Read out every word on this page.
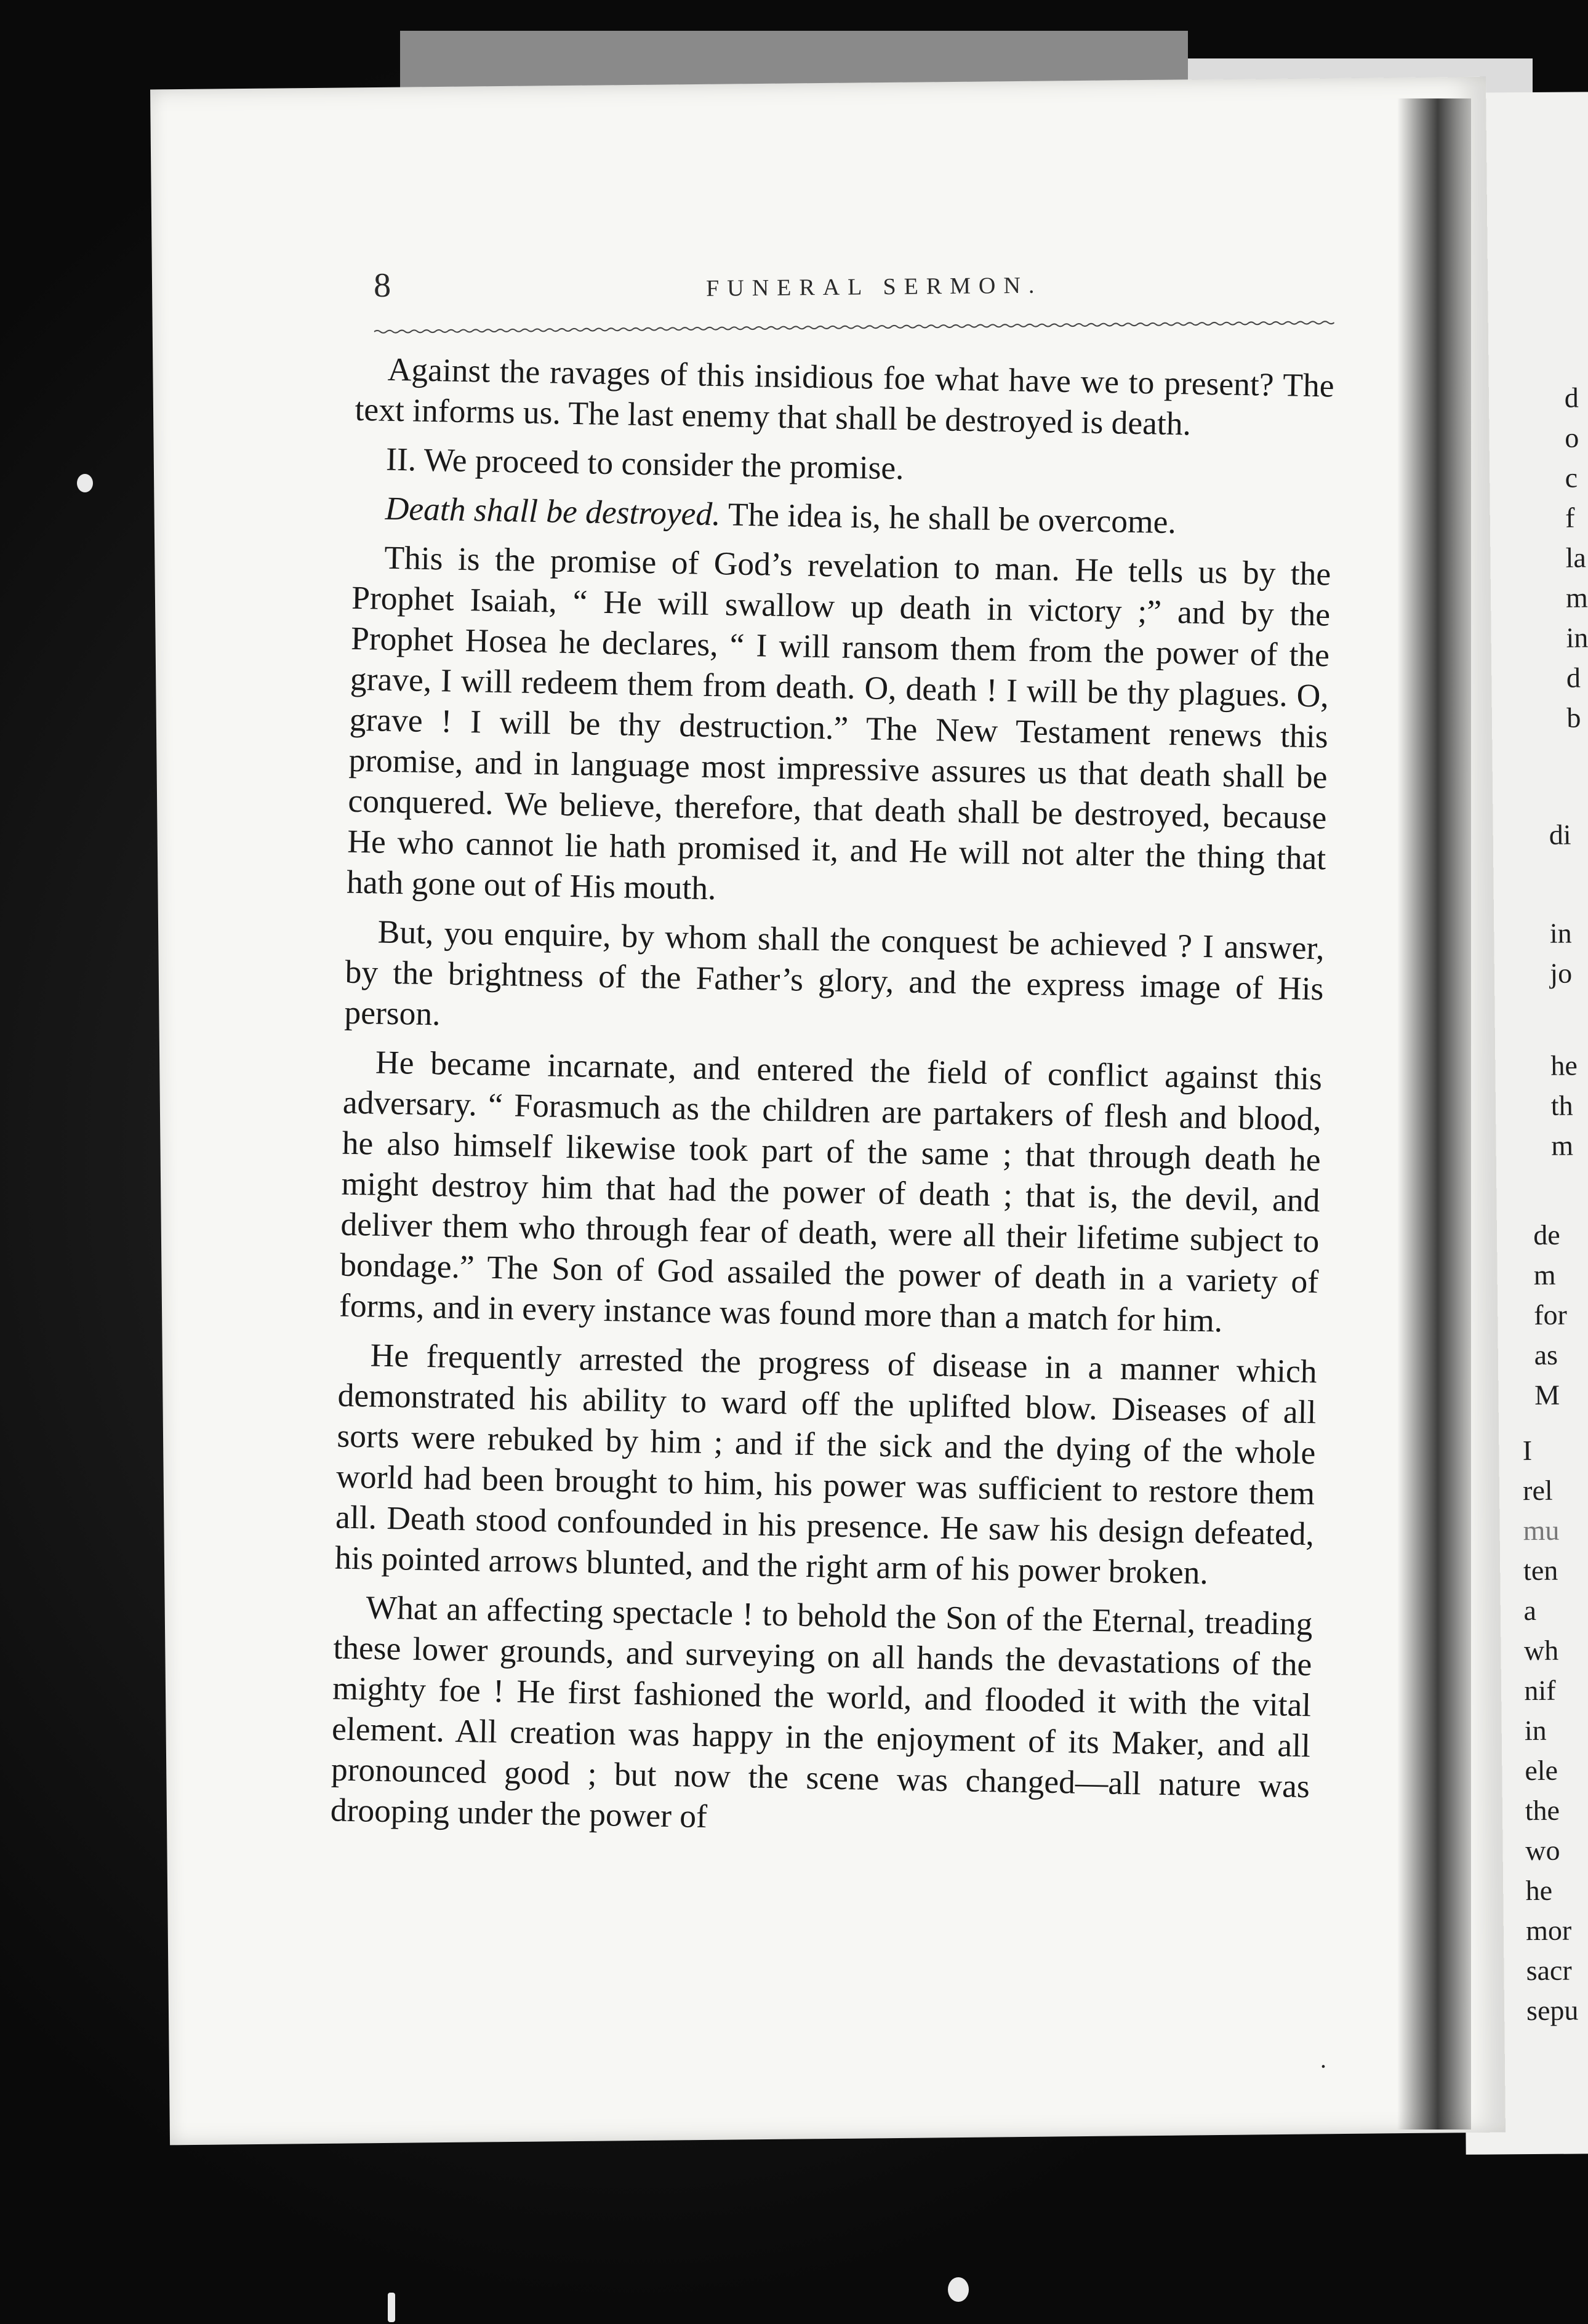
d
o
c
f
la
m
in
d
b
di
in
jo
he
th
m
de
m
for
as
M
I
rel
mu
ten
a
wh
nif
in
ele
the
wo
he
mor
sacr
sepu
8	FUNERAL SERMON.

Against the ravages of this insidious foe what have we to present? The text informs us. The last enemy that shall be destroyed is death.

II. We proceed to consider the promise.

Death shall be destroyed. The idea is, he shall be overcome.

This is the promise of God’s revelation to man. He tells us by the Prophet Isaiah, “ He will swallow up death in victory ;” and by the Prophet Hosea he declares, “ I will ransom them from the power of the grave, I will redeem them from death. O, death ! I will be thy plagues. O, grave ! I will be thy destruction.” The New Testament renews this promise, and in language most impressive assures us that death shall be conquered. We believe, therefore, that death shall be destroyed, because He who cannot lie hath promised it, and He will not alter the thing that hath gone out of His mouth.

But, you enquire, by whom shall the conquest be achieved ? I answer, by the brightness of the Father’s glory, and the express image of His person.

He became incarnate, and entered the field of conflict against this adversary. “ Forasmuch as the children are partakers of flesh and blood, he also himself likewise took part of the same ; that through death he might destroy him that had the power of death ; that is, the devil, and deliver them who through fear of death, were all their lifetime subject to bondage.” The Son of God assailed the power of death in a variety of forms, and in every instance was found more than a match for him.

He frequently arrested the progress of disease in a manner which demonstrated his ability to ward off the uplifted blow. Diseases of all sorts were rebuked by him ; and if the sick and the dying of the whole world had been brought to him, his power was sufficient to restore them all. Death stood confounded in his presence. He saw his design defeated, his pointed arrows blunted, and the right arm of his power broken.

What an affecting spectacle ! to behold the Son of the Eternal, treading these lower grounds, and surveying on all hands the devastations of the mighty foe ! He first fashioned the world, and flooded it with the vital element. All creation was happy in the enjoyment of its Maker, and all pronounced good ; but now the scene was changed—all nature was drooping under the power of

.
